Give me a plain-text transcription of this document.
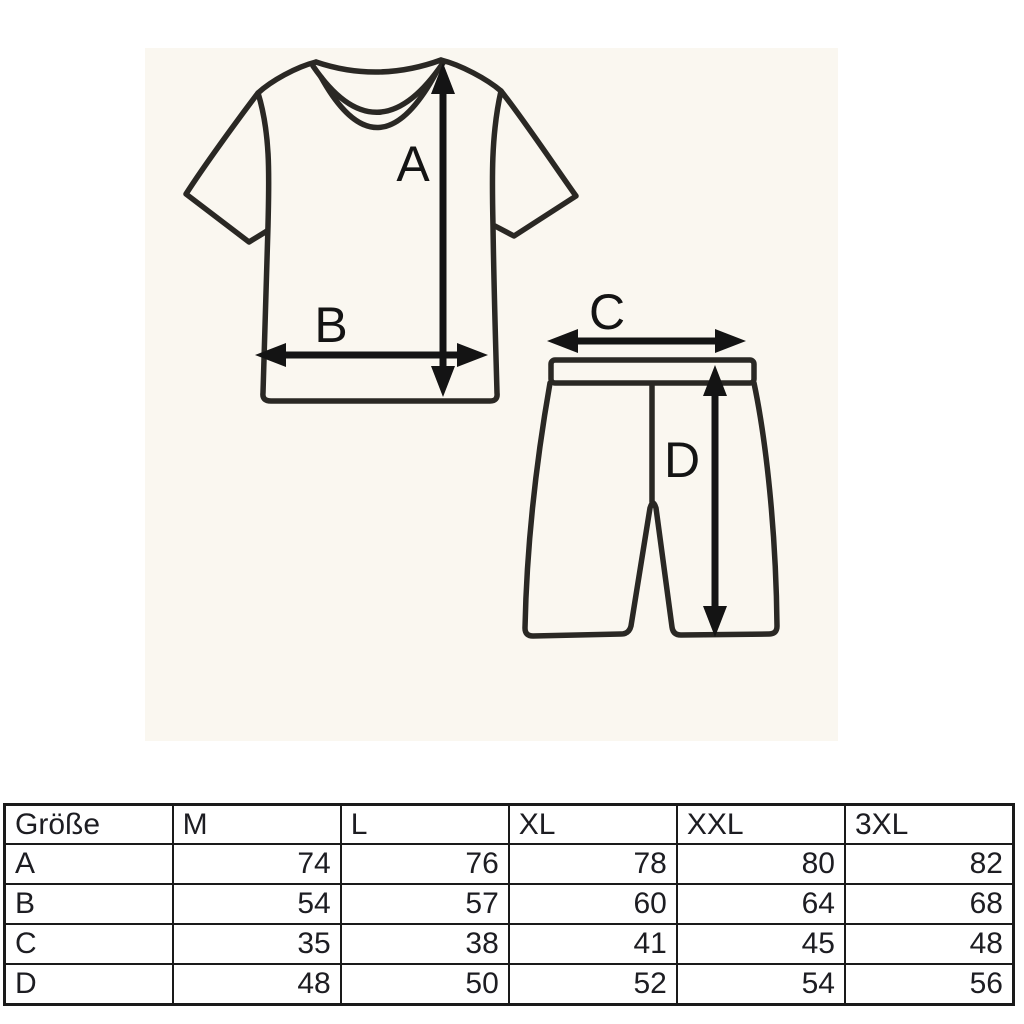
A
B	C
D
Größe	M	L	XL	XXL	3XL
A	74	76	78	80	82
B	54	57	60	64	68
C	35	38	41	45	48
D	48	50	52	54	56
